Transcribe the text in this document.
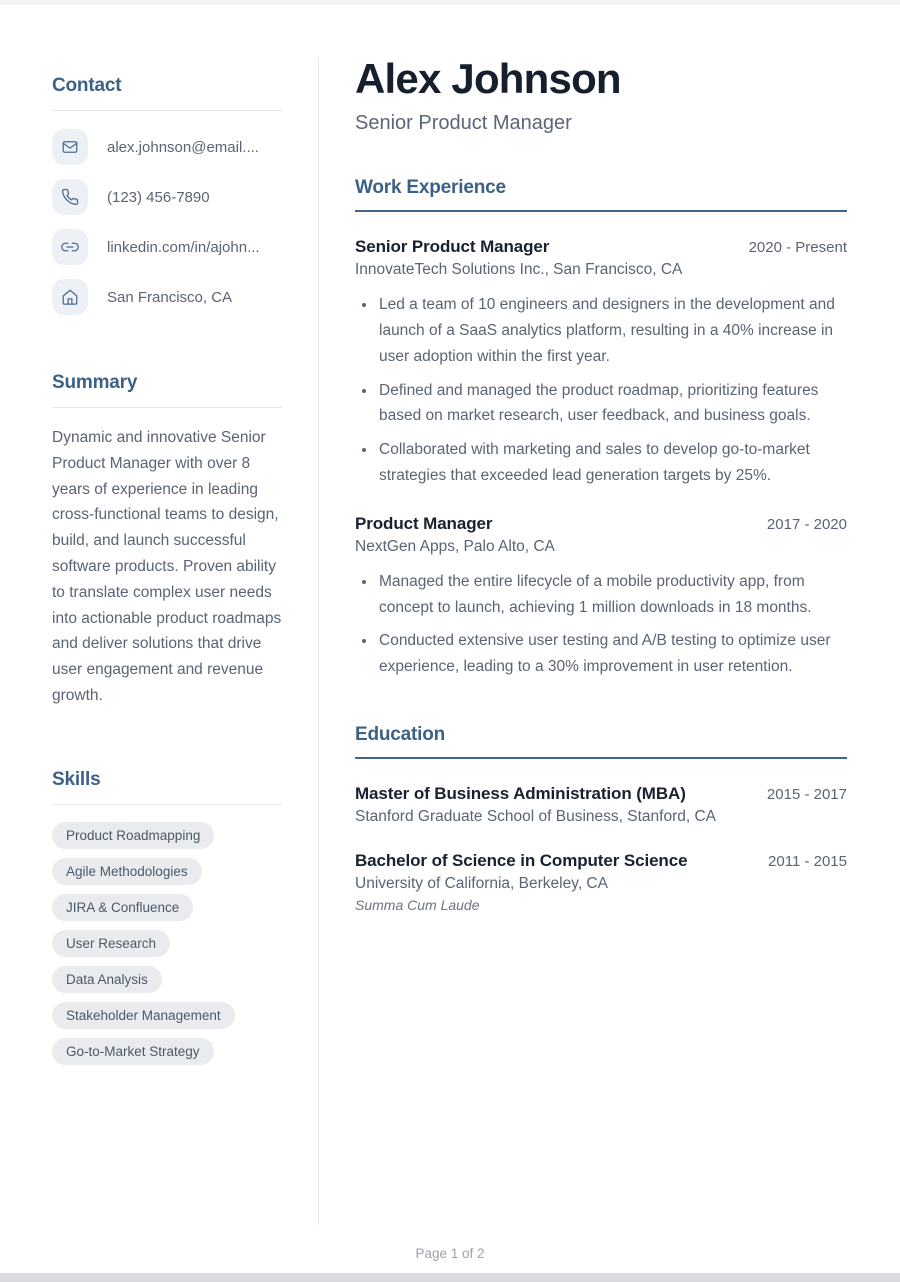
Contact
alex.johnson@email....
(123) 456-7890
linkedin.com/in/ajohn...
San Francisco, CA
Summary

Dynamic and innovative Senior Product Manager with over 8 years of experience in leading cross-functional teams to design, build, and launch successful software products. Proven ability to translate complex user needs into actionable product roadmaps and deliver solutions that drive user engagement and revenue growth.

Skills
Product Roadmapping
Agile Methodologies
JIRA & Confluence
User Research
Data Analysis
Stakeholder Management
Go-to-Market Strategy
Alex Johnson
Senior Product Manager
Work Experience
Senior Product Manager	2020 - Present
InnovateTech Solutions Inc., San Francisco, CA
• Led a team of 10 engineers and designers in the development and launch of a SaaS analytics platform, resulting in a 40% increase in user adoption within the first year.
• Defined and managed the product roadmap, prioritizing features based on market research, user feedback, and business goals.
• Collaborated with marketing and sales to develop go-to-market strategies that exceeded lead generation targets by 25%.
Product Manager	2017 - 2020
NextGen Apps, Palo Alto, CA
• Managed the entire lifecycle of a mobile productivity app, from concept to launch, achieving 1 million downloads in 18 months.
• Conducted extensive user testing and A/B testing to optimize user experience, leading to a 30% improvement in user retention.
Education
Master of Business Administration (MBA)	2015 - 2017
Stanford Graduate School of Business, Stanford, CA
Bachelor of Science in Computer Science	2011 - 2015
University of California, Berkeley, CA
Summa Cum Laude
Page 1 of 2
